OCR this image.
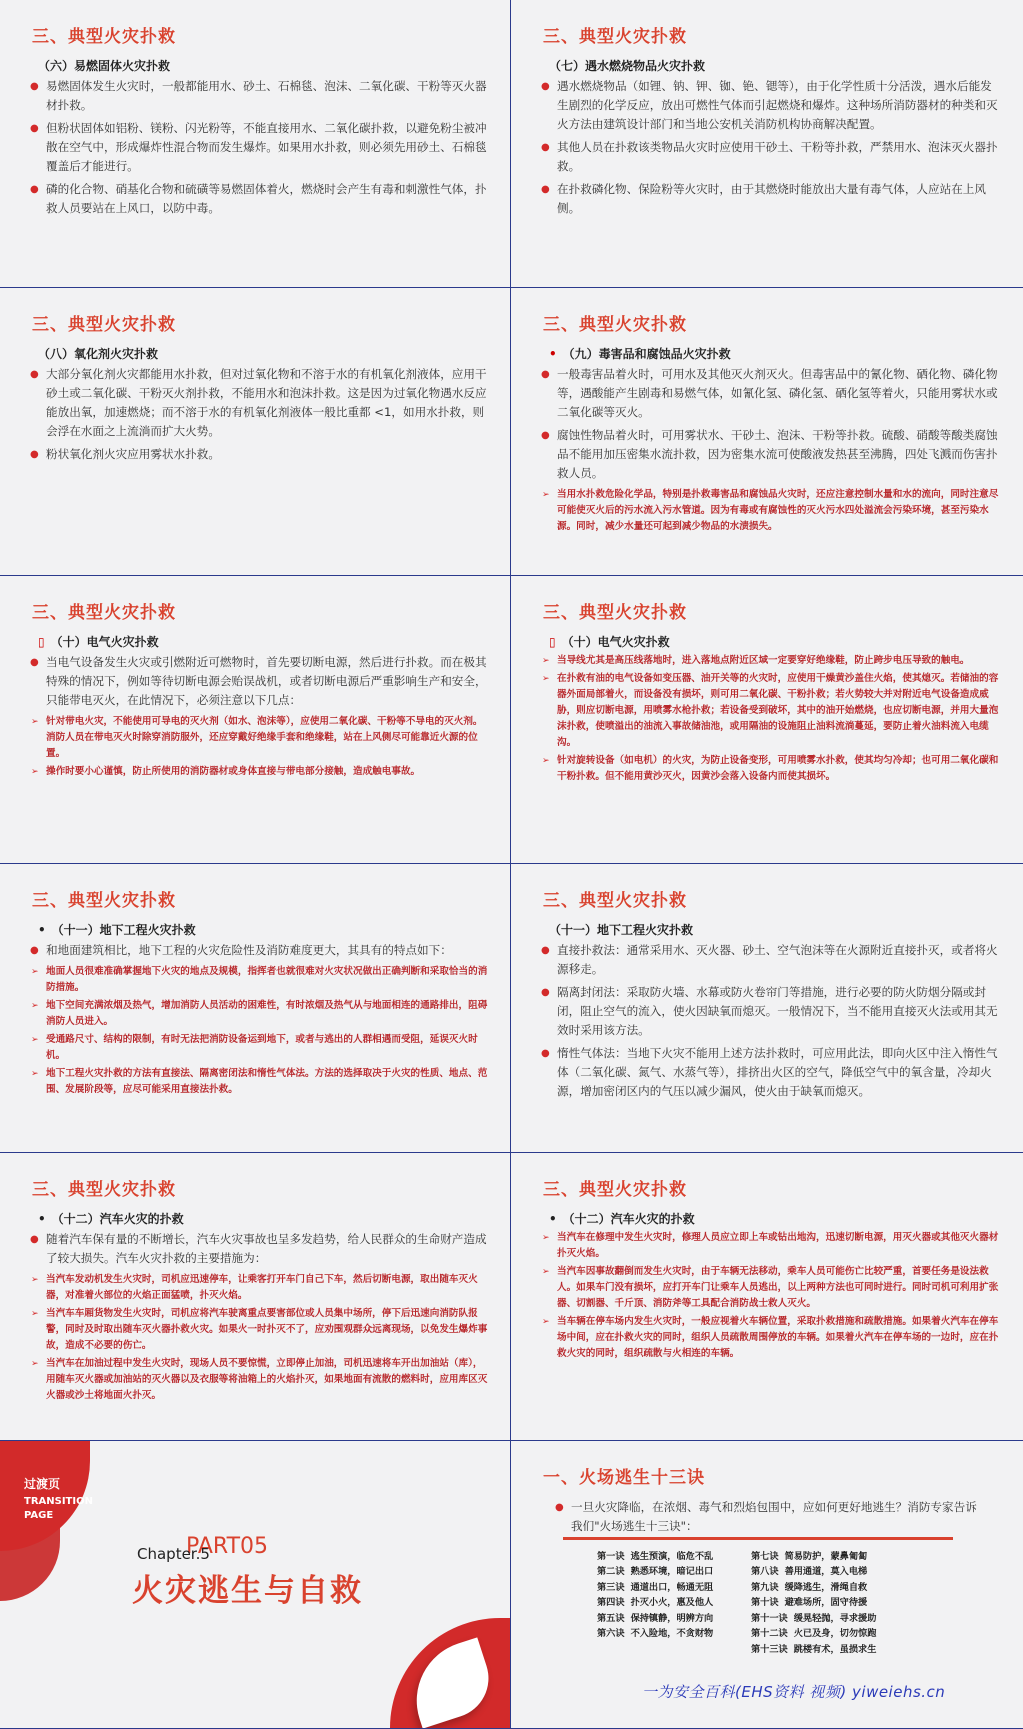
三、典型火灾扑救
（六）易燃固体火灾扑救
● 易燃固体发生火灾时，一般都能用水、砂土、石棉毯、泡沫、二氧化碳、干粉等灭火器材扑救。
● 但粉状固体如铝粉、镁粉、闪光粉等，不能直接用水、二氧化碳扑救，以避免粉尘被冲散在空气中，形成爆炸性混合物而发生爆炸。如果用水扑救，则必须先用砂土、石棉毯覆盖后才能进行。
● 磷的化合物、硝基化合物和硫磺等易燃固体着火，燃烧时会产生有毒和刺激性气体，扑救人员要站在上风口，以防中毒。
三、典型火灾扑救
（七）遇水燃烧物品火灾扑救
● 遇水燃烧物品（如锂、钠、钾、铷、铯、锶等），由于化学性质十分活泼，遇水后能发生剧烈的化学反应，放出可燃性气体而引起燃烧和爆炸。这种场所消防器材的种类和灭火方法由建筑设计部门和当地公安机关消防机构协商解决配置。
● 其他人员在扑救该类物品火灾时应使用干砂土、干粉等扑救，严禁用水、泡沫灭火器扑救。
● 在扑救磷化物、保险粉等火灾时，由于其燃烧时能放出大量有毒气体，人应站在上风侧。
三、典型火灾扑救
（八）氧化剂火灾扑救
● 大部分氧化剂火灾都能用水扑救，但对过氧化物和不溶于水的有机氧化剂液体，应用干砂土或二氧化碳、干粉灭火剂扑救，不能用水和泡沫扑救。这是因为过氧化物遇水反应能放出氧，加速燃烧；而不溶于水的有机氧化剂液体一般比重都 <1，如用水扑救，则会浮在水面之上流淌而扩大火势。
● 粉状氧化剂火灾应用雾状水扑救。
三、典型火灾扑救
• （九）毒害品和腐蚀品火灾扑救
● 一般毒害品着火时，可用水及其他灭火剂灭火。但毒害品中的氰化物、硒化物、磷化物等，遇酸能产生剧毒和易燃气体，如氰化氢、磷化氢、硒化氢等着火，只能用雾状水或二氧化碳等灭火。
● 腐蚀性物品着火时，可用雾状水、干砂土、泡沫、干粉等扑救。硫酸、硝酸等酸类腐蚀品不能用加压密集水流扑救，因为密集水流可使酸液发热甚至沸腾，四处飞溅而伤害扑救人员。
➢ 当用水扑救危险化学品，特别是扑救毒害品和腐蚀品火灾时，还应注意控制水量和水的流向，同时注意尽可能使灭火后的污水流入污水管道。因为有毒或有腐蚀性的灭火污水四处溢流会污染环境，甚至污染水源。同时，减少水量还可起到减少物品的水渍损失。
三、典型火灾扑救
▯ （十）电气火灾扑救
● 当电气设备发生火灾或引燃附近可燃物时，首先要切断电源，然后进行扑救。而在极其特殊的情况下，例如等待切断电源会贻误战机，或者切断电源后严重影响生产和安全，只能带电灭火，在此情况下，必须注意以下几点：
➢ 针对带电火灾，不能使用可导电的灭火剂（如水、泡沫等），应使用二氧化碳、干粉等不导电的灭火剂。消防人员在带电灭火时除穿消防服外，还应穿戴好绝缘手套和绝缘鞋，站在上风侧尽可能靠近火源的位置。
➢ 操作时要小心谨慎，防止所使用的消防器材或身体直接与带电部分接触，造成触电事故。
三、典型火灾扑救
▯ （十）电气火灾扑救
➢ 当导线尤其是高压线落地时，进入落地点附近区域一定要穿好绝缘鞋，防止跨步电压导致的触电。
➢ 在扑救有油的电气设备如变压器、油开关等的火灾时，应使用干燥黄沙盖住火焰，使其熄灭。若储油的容器外面局部着火，而设备没有损坏，则可用二氧化碳、干粉扑救；若火势较大并对附近电气设备造成威胁，则应切断电源，用喷雾水枪扑救；若设备受到破坏，其中的油开始燃烧，也应切断电源，并用大量泡沫扑救，使喷溢出的油流入事故储油池，或用隔油的设施阻止油料流淌蔓延，要防止着火油料流入电缆沟。
➢ 针对旋转设备（如电机）的火灾，为防止设备变形，可用喷雾水扑救，使其均匀冷却；也可用二氧化碳和干粉扑救。但不能用黄沙灭火，因黄沙会落入设备内而使其损坏。
三、典型火灾扑救
• （十一）地下工程火灾扑救
● 和地面建筑相比，地下工程的火灾危险性及消防难度更大，其具有的特点如下：
➢ 地面人员很难准确掌握地下火灾的地点及规模，指挥者也就很难对火灾状况做出正确判断和采取恰当的消防措施。
➢ 地下空间充满浓烟及热气，增加消防人员活动的困难性，有时浓烟及热气从与地面相连的通路排出，阻碍消防人员进入。
➢ 受通路尺寸、结构的限制，有时无法把消防设备运到地下，或者与逃出的人群相遇而受阻，延误灭火时机。
➢ 地下工程火灾扑救的方法有直接法、隔离密闭法和惰性气体法。方法的选择取决于火灾的性质、地点、范围、发展阶段等，应尽可能采用直接法扑救。
三、典型火灾扑救
（十一）地下工程火灾扑救
● 直接扑救法：通常采用水、灭火器、砂土、空气泡沫等在火源附近直接扑灭，或者将火源移走。
● 隔离封闭法：采取防火墙、水幕或防火卷帘门等措施，进行必要的防火防烟分隔或封闭，阻止空气的流入，使火因缺氧而熄灭。一般情况下，当不能用直接灭火法或用其无效时采用该方法。
● 惰性气体法：当地下火灾不能用上述方法扑救时，可应用此法，即向火区中注入惰性气体（二氧化碳、氮气、水蒸气等），排挤出火区的空气，降低空气中的氧含量，冷却火源，增加密闭区内的气压以减少漏风，使火由于缺氧而熄灭。
三、典型火灾扑救
• （十二）汽车火灾的扑救
● 随着汽车保有量的不断增长，汽车火灾事故也呈多发趋势，给人民群众的生命财产造成了较大损失。汽车火灾扑救的主要措施为：
➢ 当汽车发动机发生火灾时，司机应迅速停车，让乘客打开车门自己下车，然后切断电源，取出随车灭火器，对准着火部位的火焰正面猛喷，扑灭火焰。
➢ 当汽车车厢货物发生火灾时，司机应将汽车驶离重点要害部位或人员集中场所，停下后迅速向消防队报警，同时及时取出随车灭火器扑救火灾。如果火一时扑灭不了，应劝围观群众远离现场，以免发生爆炸事故，造成不必要的伤亡。
➢ 当汽车在加油过程中发生火灾时，现场人员不要惊慌，立即停止加油，司机迅速将车开出加油站（库），用随车灭火器或加油站的灭火器以及衣服等将油箱上的火焰扑灭，如果地面有流散的燃料时，应用库区灭火器或沙土将地面火扑灭。
三、典型火灾扑救
• （十二）汽车火灾的扑救
➢ 当汽车在修理中发生火灾时，修理人员应立即上车或钻出地沟，迅速切断电源，用灭火器或其他灭火器材扑灭火焰。
➢ 当汽车因事故翻倒而发生火灾时，由于车辆无法移动，乘车人员可能伤亡比较严重，首要任务是设法救人。如果车门没有损坏，应打开车门让乘车人员逃出，以上两种方法也可同时进行。同时司机可利用扩张器、切割器、千斤顶、消防斧等工具配合消防战士救人灭火。
➢ 当车辆在停车场内发生火灾时，一般应视着火车辆位置，采取扑救措施和疏散措施。如果着火汽车在停车场中间，应在扑救火灾的同时，组织人员疏散周围停放的车辆。如果着火汽车在停车场的一边时，应在扑救火灾的同时，组织疏散与火相连的车辆。
过渡页
TRANSITION PAGE
PART05
Chapter.5
火灾逃生与自救
一、火场逃生十三诀
● 一旦火灾降临，在浓烟、毒气和烈焰包围中，应如何更好地逃生？消防专家告诉我们"火场逃生十三诀"：
第一诀 逃生预演，临危不乱	第七诀 简易防护，蒙鼻匍匐
第二诀 熟悉环境，暗记出口	第八诀 善用通道，莫入电梯
第三诀 通道出口，畅通无阻	第九诀 缓降逃生，滑绳自救
第四诀 扑灭小火，惠及他人	第十诀 避难场所，固守待援
第五诀 保持镇静，明辨方向	第十一诀 缓晃轻抛，寻求援助
第六诀 不入险地，不贪财物	第十二诀 火已及身，切勿惊跑
第十三诀 跳楼有术，虽损求生
一为安全百科(EHS资料 视频) yiweiehs.cn
